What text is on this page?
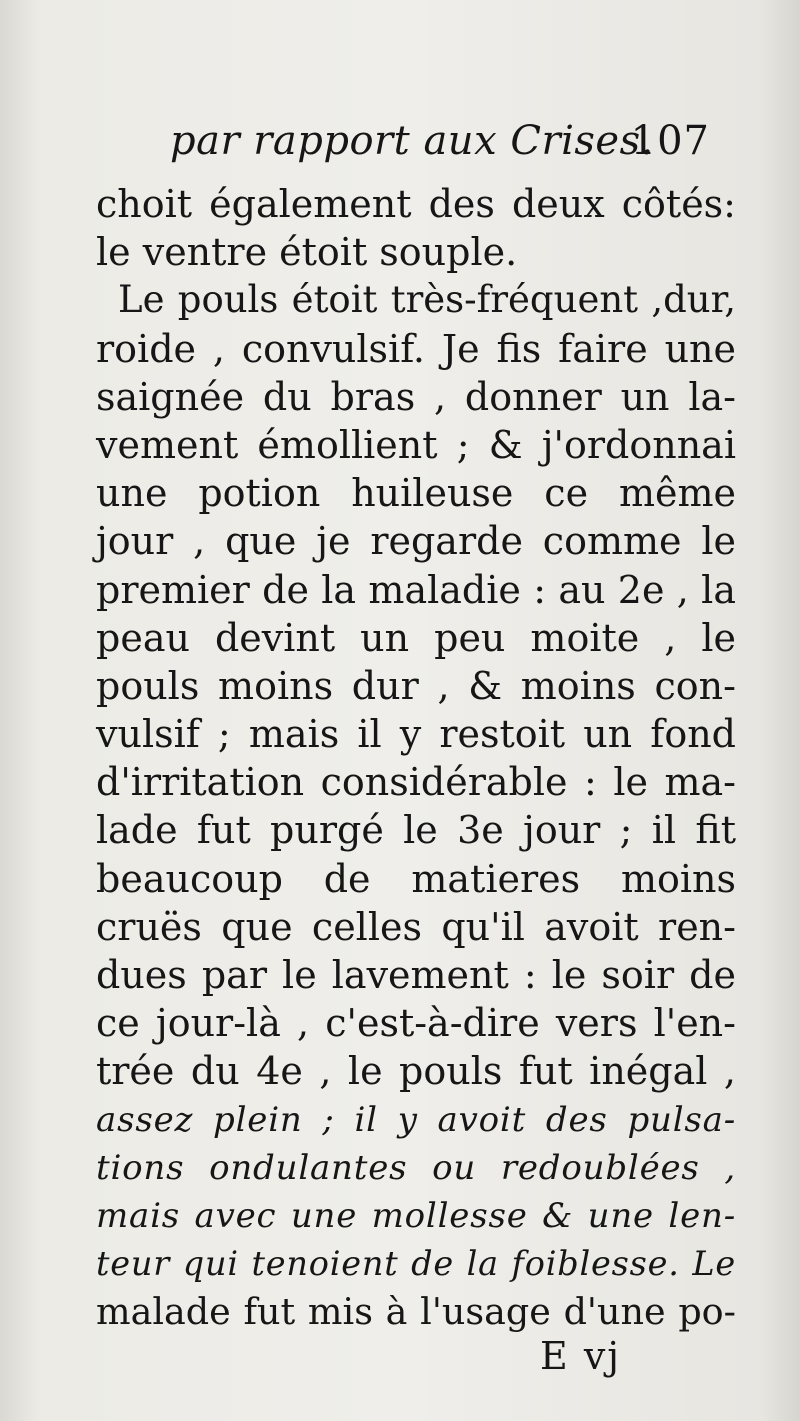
par rapport aux Crises.
107
choit également des deux côtés:
le ventre étoit souple.
Le pouls étoit très-fréquent ,dur,
roide , convulsif. Je fis faire une
saignée du bras , donner un la-
vement émollient ; & j'ordonnai
une potion huileuse ce même
jour , que je regarde comme le
premier de la maladie : au 2e , la
peau devint un peu moite , le
pouls moins dur , & moins con-
vulsif ; mais il y restoit un fond
d'irritation considérable : le ma-
lade fut purgé le 3e jour ; il fit
beaucoup de matieres moins
cruës que celles qu'il avoit ren-
dues par le lavement : le soir de
ce jour-là , c'est-à-dire vers l'en-
trée du 4e , le pouls fut inégal ,
assez plein ; il y avoit des pulsa-
tions ondulantes ou redoublées ,
mais avec une mollesse & une len-
teur qui tenoient de la foiblesse. Le
malade fut mis à l'usage d'une po-
E vj
